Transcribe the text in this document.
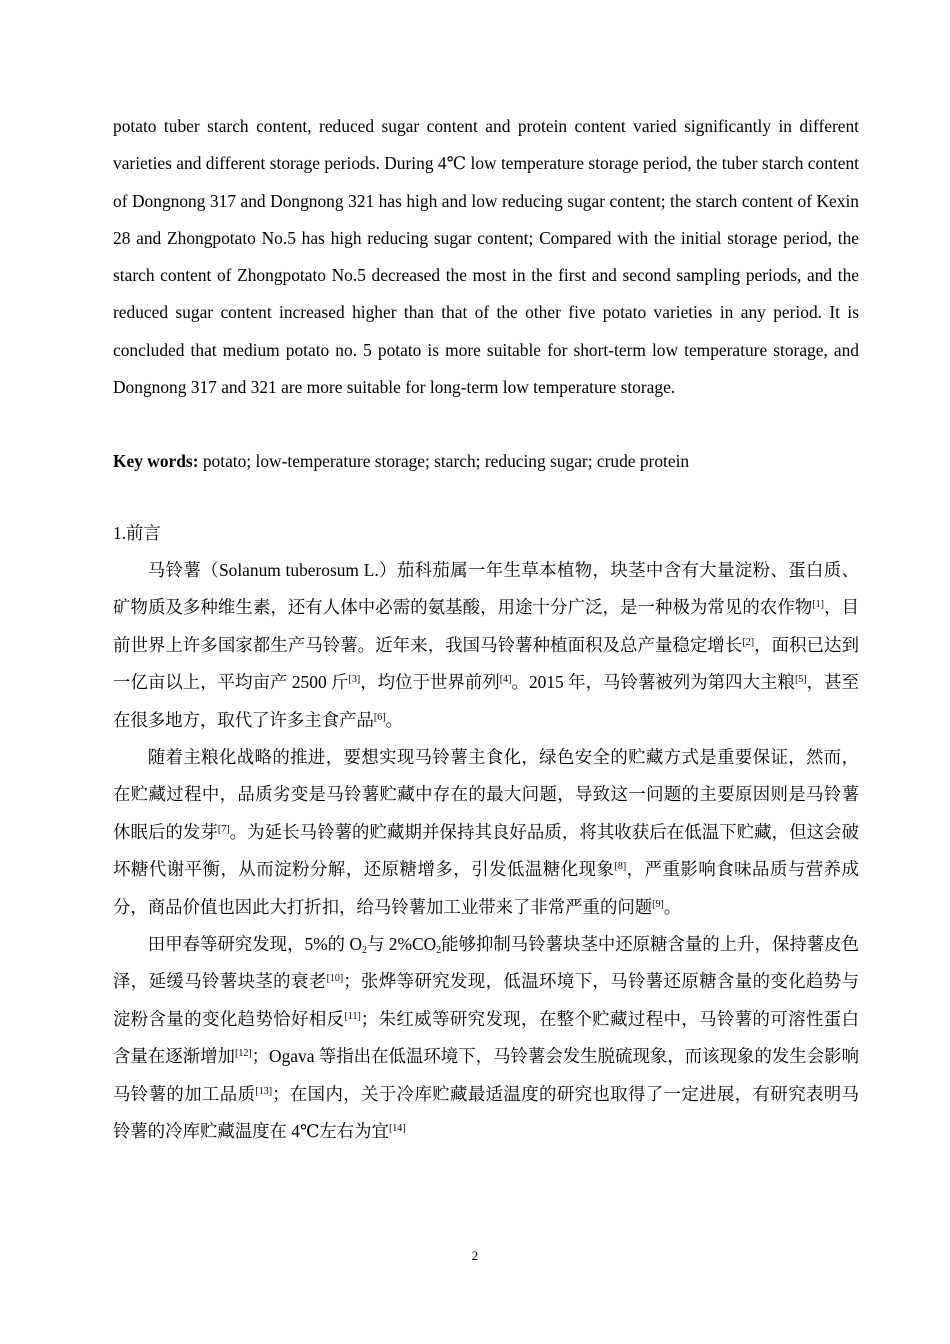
potato tuber starch content, reduced sugar content and protein content varied significantly in different varieties and different storage periods. During 4℃ low temperature storage period, the tuber starch content of Dongnong 317 and Dongnong 321 has high and low reducing sugar content; the starch content of Kexin 28 and Zhongpotato No.5 has high reducing sugar content; Compared with the initial storage period, the starch content of Zhongpotato No.5 decreased the most in the first and second sampling periods, and the reduced sugar content increased higher than that of the other five potato varieties in any period. It is concluded that medium potato no. 5 potato is more suitable for short-term low temperature storage, and Dongnong 317 and 321 are more suitable for long-term low temperature storage.

Key words: potato; low-temperature storage; starch; reducing sugar; crude protein
1.前言

马铃薯（Solanum tuberosum L.）茄科茄属一年生草本植物，块茎中含有大量淀粉、蛋白质、矿物质及多种维生素，还有人体中必需的氨基酸，用途十分广泛，是一种极为常见的农作物[1]，目前世界上许多国家都生产马铃薯。近年来，我国马铃薯种植面积及总产量稳定增长[2]，面积已达到一亿亩以上，平均亩产 2500 斤[3]，均位于世界前列[4]。2015 年，马铃薯被列为第四大主粮[5]，甚至在很多地方，取代了许多主食产品[6]。

随着主粮化战略的推进，要想实现马铃薯主食化，绿色安全的贮藏方式是重要保证，然而，在贮藏过程中，品质劣变是马铃薯贮藏中存在的最大问题，导致这一问题的主要原因则是马铃薯休眠后的发芽[7]。为延长马铃薯的贮藏期并保持其良好品质，将其收获后在低温下贮藏，但这会破坏糖代谢平衡，从而淀粉分解，还原糖增多，引发低温糖化现象[8]，严重影响食味品质与营养成分，商品价值也因此大打折扣，给马铃薯加工业带来了非常严重的问题[9]。

田甲春等研究发现，5%的 $O_2$与 $2\%CO_2$能够抑制马铃薯块茎中还原糖含量的上升，保持薯皮色泽，延缓马铃薯块茎的衰老[10]；张烨等研究发现，低温环境下，马铃薯还原糖含量的变化趋势与淀粉含量的变化趋势恰好相反[11]；朱红威等研究发现，在整个贮藏过程中，马铃薯的可溶性蛋白含量在逐渐增加[12]；Ogava 等指出在低温环境下，马铃薯会发生脱硫现象，而该现象的发生会影响马铃薯的加工品质[13]；在国内，关于冷库贮藏最适温度的研究也取得了一定进展，有研究表明马铃薯的冷库贮藏温度在 4℃左右为宜[14]

2
